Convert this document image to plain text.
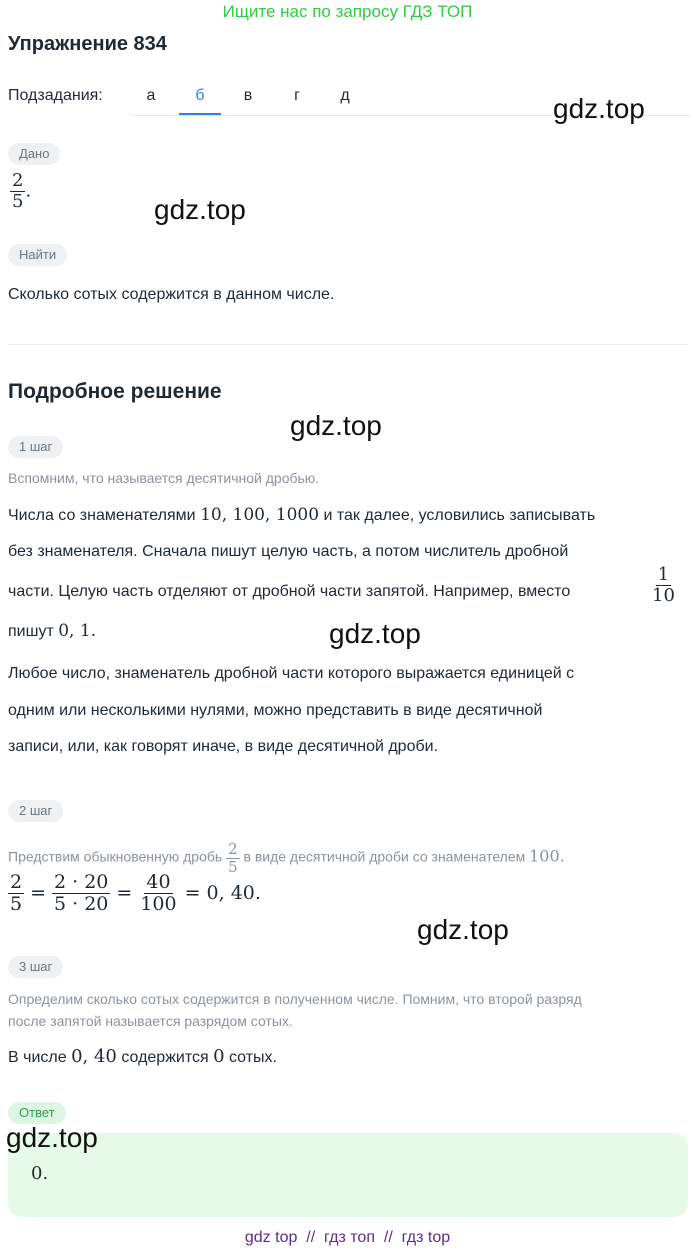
Ищите нас по запросу ГДЗ ТОП
Упражнение 834
Подзадания:	а	б	в	г	д
Дано
$\frac{2}{5}$ .
Найти
Сколько сотых содержится в данном числе.
Подробное решение
1 шаг
Вспомним, что называется десятичной дробью.
Числа со знаменателями 10, 100, 1000 и так далее, условились записывать
без знаменателя. Сначала пишут целую часть, а потом числитель дробной
части. Целую часть отделяют от дробной части запятой. Например, вместо	$\frac{1}{10}$
пишут 0, 1.
Любое число, знаменатель дробной части которого выражается единицей с
одним или несколькими нулями, можно представить в виде десятичной
записи, или, как говорят иначе, в виде десятичной дроби.
2 шаг
Предствим обыкновенную дробь $\frac{2}{5}$ в виде десятичной дроби со знаменателем 100.
$\frac{2}{5} = \frac{2 \cdot 20}{5 \cdot 20} = \frac{40}{100} = 0$, 40.
3 шаг
Определим сколько сотых содержится в полученном числе. Помним, что второй разряд
после запятой называется разрядом сотых.
В числе 0, 40 содержится 0 сотых.
Ответ
0.
gdz.top
gdz.top
gdz.top
gdz.top
gdz.top
gdz.top
gdz top  //  гдз топ  //  гдз top
